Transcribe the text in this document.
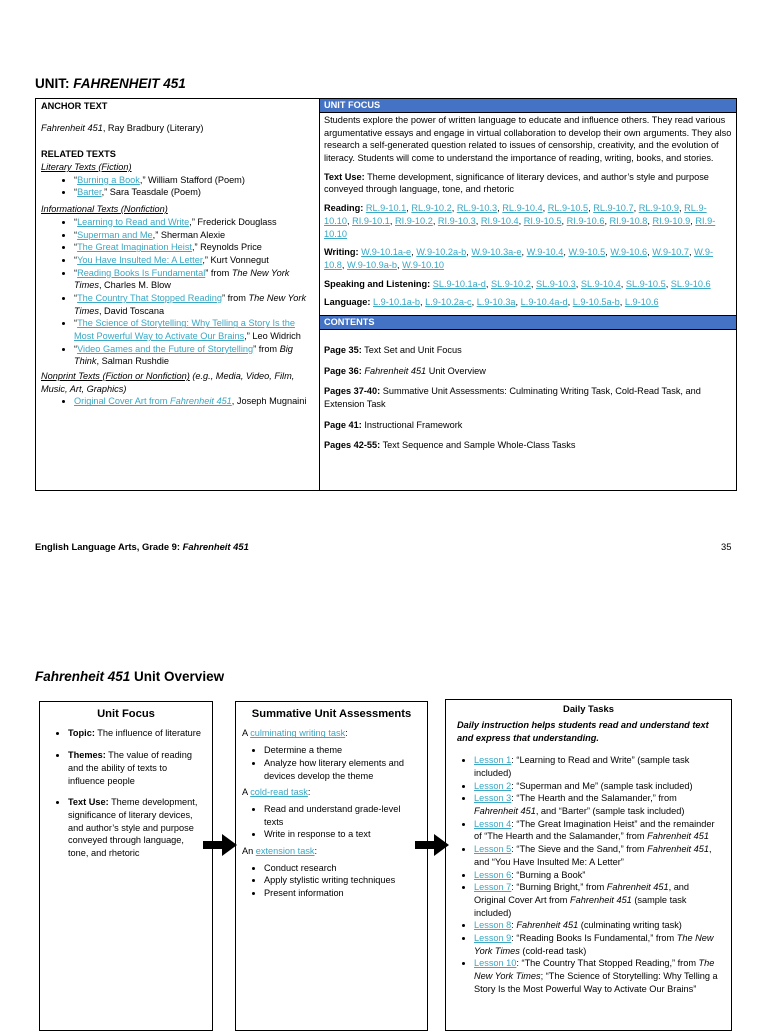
UNIT: FAHRENHEIT 451
ANCHOR TEXT
Fahrenheit 451, Ray Bradbury (Literary)
RELATED TEXTS
Literary Texts (Fiction)
• “Burning a Book,” William Stafford (Poem)
• “Barter,” Sara Teasdale (Poem)
Informational Texts (Nonfiction)
• “Learning to Read and Write,” Frederick Douglass
• “Superman and Me,” Sherman Alexie
• “The Great Imagination Heist,” Reynolds Price
• “You Have Insulted Me: A Letter,” Kurt Vonnegut
• “Reading Books Is Fundamental” from The New York Times, Charles M. Blow
• “The Country That Stopped Reading” from The New York Times, David Toscana
• “The Science of Storytelling: Why Telling a Story Is the Most Powerful Way to Activate Our Brains,” Leo Widrich
• “Video Games and the Future of Storytelling” from Big Think, Salman Rushdie
Nonprint Texts (Fiction or Nonfiction) (e.g., Media, Video, Film, Music, Art, Graphics)
• Original Cover Art from Fahrenheit 451, Joseph Mugnaini
UNIT FOCUS

Students explore the power of written language to educate and influence others. They read various argumentative essays and engage in virtual collaboration to develop their own arguments. They also research a self-generated question related to issues of censorship, creativity, and the evolution of literacy. Students will come to understand the importance of reading, writing, books, and stories.

Text Use: Theme development, significance of literary devices, and author’s style and purpose conveyed through language, tone, and rhetoric

Reading: RL.9-10.1, RL.9-10.2, RL.9-10.3, RL.9-10.4, RL.9-10.5, RL.9-10.7, RL.9-10.9, RL.9-10.10, RI.9-10.1, RI.9-10.2, RI.9-10.3, RI.9-10.4, RI.9-10.5, RI.9-10.6, RI.9-10.8, RI.9-10.9, RI.9-10.10

Writing: W.9-10.1a-e, W.9-10.2a-b, W.9-10.3a-e, W.9-10.4, W.9-10.5, W.9-10.6, W.9-10.7, W.9-10.8, W.9-10.9a-b, W.9-10.10

Speaking and Listening: SL.9-10.1a-d, SL.9-10.2, SL.9-10.3, SL.9-10.4, SL.9-10.5, SL.9-10.6

Language: L.9-10.1a-b, L.9-10.2a-c, L.9-10.3a, L.9-10.4a-d, L.9-10.5a-b, L.9-10.6

CONTENTS

Page 35: Text Set and Unit Focus

Page 36: Fahrenheit 451 Unit Overview

Pages 37-40: Summative Unit Assessments: Culminating Writing Task, Cold-Read Task, and Extension Task

Page 41: Instructional Framework

Pages 42-55: Text Sequence and Sample Whole-Class Tasks

English Language Arts, Grade 9: Fahrenheit 451	35
Fahrenheit 451 Unit Overview
Unit Focus
• Topic: The influence of literature
• Themes: The value of reading and the ability of texts to influence people
• Text Use: Theme development, significance of literary devices, and author’s style and purpose conveyed through language, tone, and rhetoric
Summative Unit Assessments

A culminating writing task:

• Determine a theme
• Analyze how literary elements and devices develop the theme

A cold-read task:

• Read and understand grade-level texts
• Write in response to a text

An extension task:

• Conduct research
• Apply stylistic writing techniques
• Present information
Daily Tasks
Daily instruction helps students read and understand text and express that understanding.
• Lesson 1: “Learning to Read and Write” (sample task included)
• Lesson 2: “Superman and Me” (sample task included)
• Lesson 3: “The Hearth and the Salamander,” from Fahrenheit 451, and “Barter” (sample task included)
• Lesson 4: “The Great Imagination Heist” and the remainder of “The Hearth and the Salamander,” from Fahrenheit 451
• Lesson 5: “The Sieve and the Sand,” from Fahrenheit 451, and “You Have Insulted Me: A Letter”
• Lesson 6: “Burning a Book”
• Lesson 7: “Burning Bright,” from Fahrenheit 451, and Original Cover Art from Fahrenheit 451 (sample task included)
• Lesson 8: Fahrenheit 451 (culminating writing task)
• Lesson 9: “Reading Books Is Fundamental,” from The New York Times (cold-read task)
• Lesson 10: “The Country That Stopped Reading,” from The New York Times; “The Science of Storytelling: Why Telling a Story Is the Most Powerful Way to Activate Our Brains”
